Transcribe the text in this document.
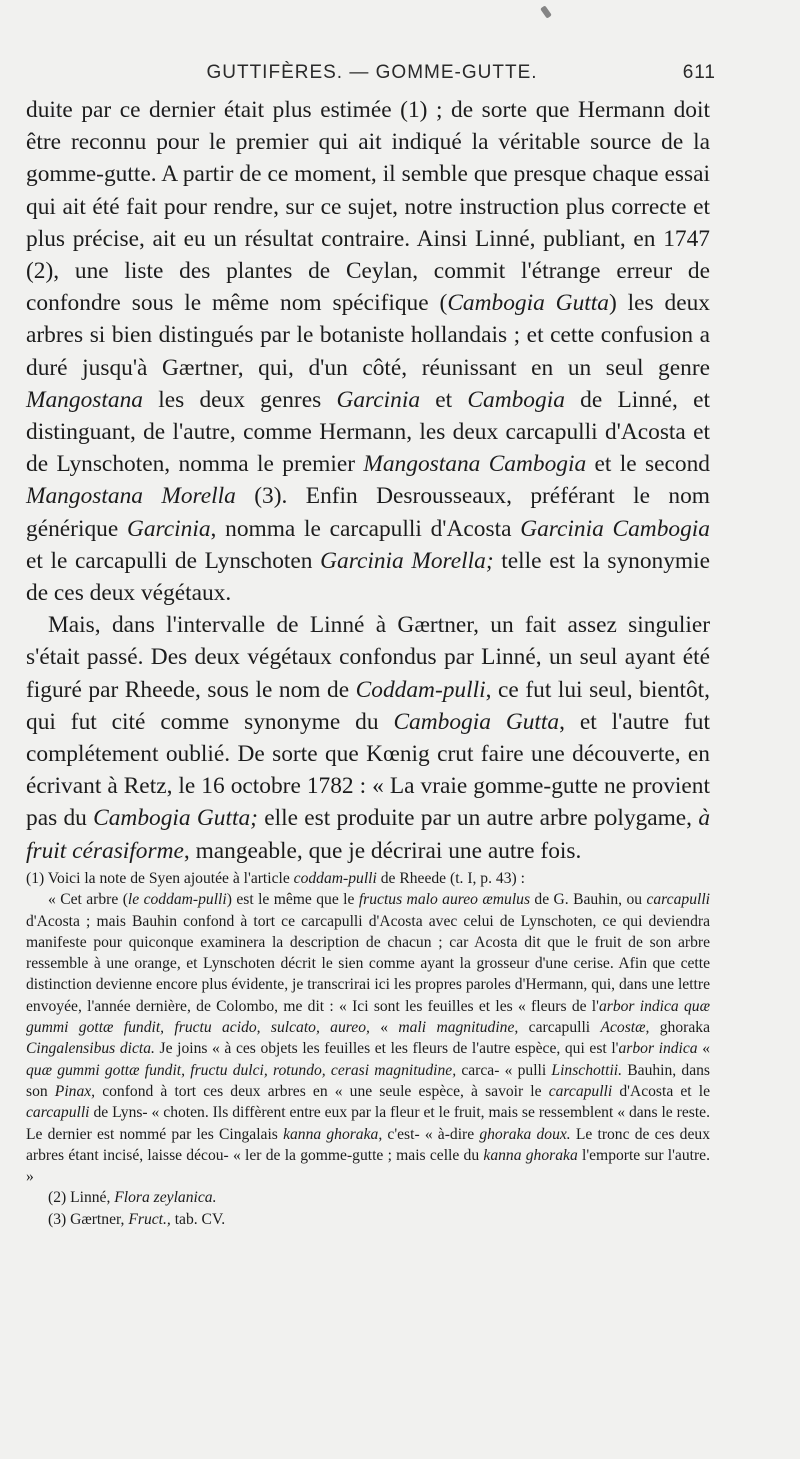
GUTTIFÈRES. — GOMME-GUTTE.	611

duite par ce dernier était plus estimée (1) ; de sorte que Hermann doit être reconnu pour le premier qui ait indiqué la véritable source de la gomme-gutte. A partir de ce moment, il semble que presque chaque essai qui ait été fait pour rendre, sur ce sujet, notre instruction plus correcte et plus précise, ait eu un résultat contraire. Ainsi Linné, publiant, en 1747 (2), une liste des plantes de Ceylan, commit l'étrange erreur de confondre sous le même nom spécifique (Cambogia Gutta) les deux arbres si bien distingués par le botaniste hollandais ; et cette confusion a duré jusqu'à Gærtner, qui, d'un côté, réunissant en un seul genre Mangostana les deux genres Garcinia et Cambogia de Linné, et distinguant, de l'autre, comme Hermann, les deux carcapulli d'Acosta et de Lynschoten, nomma le premier Mangostana Cambogia et le second Mangostana Morella (3). Enfin Desrousseaux, préférant le nom générique Garcinia, nomma le carcapulli d'Acosta Garcinia Cambogia et le carcapulli de Lynschoten Garcinia Morella; telle est la synonymie de ces deux végétaux.

Mais, dans l'intervalle de Linné à Gærtner, un fait assez singulier s'était passé. Des deux végétaux confondus par Linné, un seul ayant été figuré par Rheede, sous le nom de Coddam-pulli, ce fut lui seul, bientôt, qui fut cité comme synonyme du Cambogia Gutta, et l'autre fut complétement oublié. De sorte que Kœnig crut faire une découverte, en écrivant à Retz, le 16 octobre 1782 : « La vraie gomme-gutte ne provient pas du Cambogia Gutta; elle est produite par un autre arbre polygame, à fruit cérasiforme, mangeable, que je décrirai une autre fois.

(1) Voici la note de Syen ajoutée à l'article coddam-pulli de Rheede (t. I, p. 43) :

« Cet arbre (le coddam-pulli) est le même que le fructus malo aureo æmulus de G. Bauhin, ou carcapulli d'Acosta ; mais Bauhin confond à tort ce carcapulli d'Acosta avec celui de Lynschoten, ce qui deviendra manifeste pour quiconque examinera la description de chacun ; car Acosta dit que le fruit de son arbre ressemble à une orange, et Lynschoten décrit le sien comme ayant la grosseur d'une cerise. Afin que cette distinction devienne encore plus évidente, je transcrirai ici les propres paroles d'Hermann, qui, dans une lettre envoyée, l'année dernière, de Colombo, me dit : « Ici sont les feuilles et les « fleurs de l'arbor indica quæ gummi gottæ fundit, fructu acido, sulcato, aureo, « mali magnitudine, carcapulli Acostæ, ghoraka Cingalensibus dicta. Je joins « à ces objets les feuilles et les fleurs de l'autre espèce, qui est l'arbor indica « quæ gummi gottæ fundit, fructu dulci, rotundo, cerasi magnitudine, carca- « pulli Linschottii. Bauhin, dans son Pinax, confond à tort ces deux arbres en « une seule espèce, à savoir le carcapulli d'Acosta et le carcapulli de Lyns- « choten. Ils diffèrent entre eux par la fleur et le fruit, mais se ressemblent « dans le reste. Le dernier est nommé par les Cingalais kanna ghoraka, c'est- « à-dire ghoraka doux. Le tronc de ces deux arbres étant incisé, laisse décou- « ler de la gomme-gutte ; mais celle du kanna ghoraka l'emporte sur l'autre. »

(2) Linné, Flora zeylanica.

(3) Gærtner, Fruct., tab. CV.
